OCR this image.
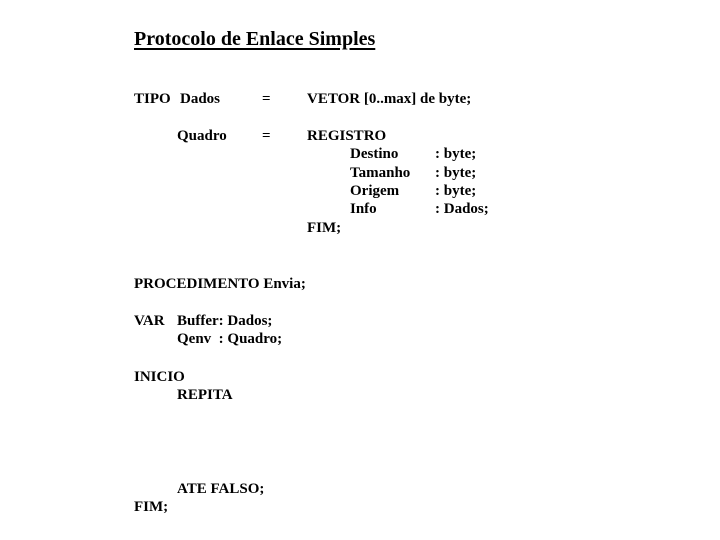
Protocolo de Enlace Simples
TIPO Dados	= VETOR [0..max] de byte;
Quadro = REGISTRO
Destino : byte;
Tamanho : byte;
Origem : byte;
Info	: Dados;
FIM;
PROCEDIMENTO Envia;
VAR Buffer: Dados;
Qenv  : Quadro;
INICIO
REPITA
ATE FALSO;
FIM;
